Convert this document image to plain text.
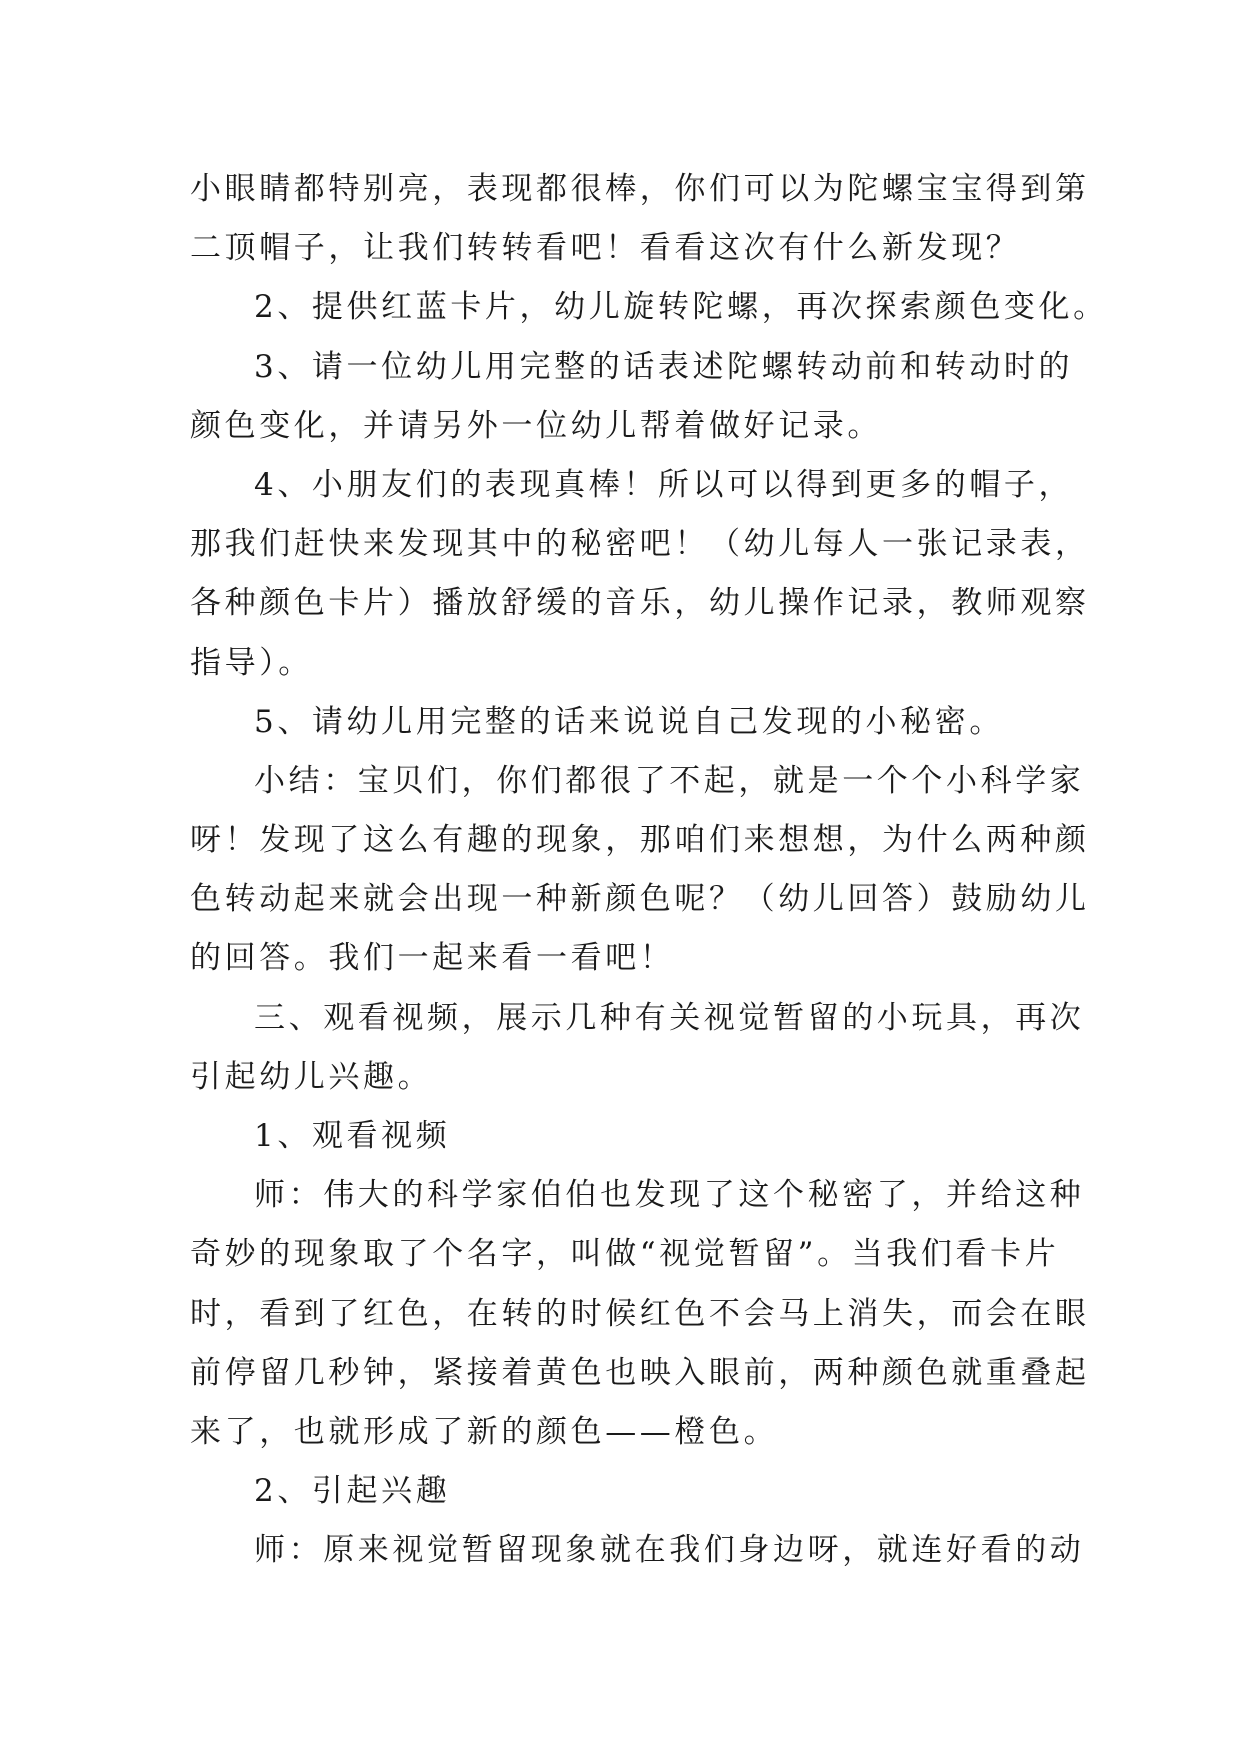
小眼睛都特别亮，表现都很棒，你们可以为陀螺宝宝得到第
二顶帽子，让我们转转看吧！看看这次有什么新发现？
2、提供红蓝卡片，幼儿旋转陀螺，再次探索颜色变化。
3、请一位幼儿用完整的话表述陀螺转动前和转动时的
颜色变化，并请另外一位幼儿帮着做好记录。
4、小朋友们的表现真棒！所以可以得到更多的帽子，
那我们赶快来发现其中的秘密吧！（幼儿每人一张记录表，
各种颜色卡片）播放舒缓的音乐，幼儿操作记录，教师观察
指导）。
5、请幼儿用完整的话来说说自己发现的小秘密。
小结：宝贝们，你们都很了不起，就是一个个小科学家
呀！发现了这么有趣的现象，那咱们来想想，为什么两种颜
色转动起来就会出现一种新颜色呢？（幼儿回答）鼓励幼儿
的回答。我们一起来看一看吧！
三、观看视频，展示几种有关视觉暂留的小玩具，再次
引起幼儿兴趣。
1、观看视频
师：伟大的科学家伯伯也发现了这个秘密了，并给这种
奇妙的现象取了个名字，叫做“视觉暂留”。当我们看卡片
时，看到了红色，在转的时候红色不会马上消失，而会在眼
前停留几秒钟，紧接着黄色也映入眼前，两种颜色就重叠起
来了，也就形成了新的颜色——橙色。
2、引起兴趣
师：原来视觉暂留现象就在我们身边呀，就连好看的动
